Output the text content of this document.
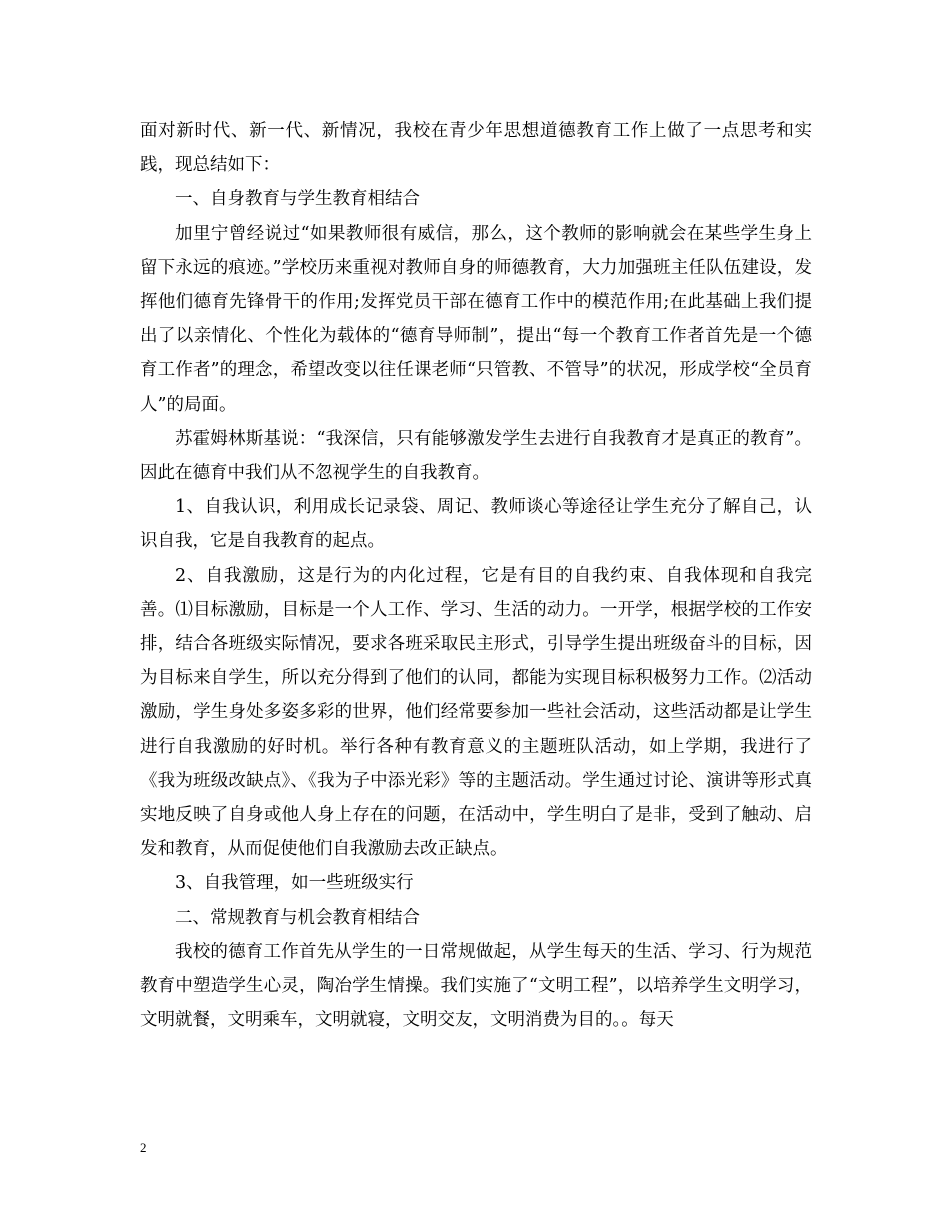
面对新时代、新一代、新情况，我校在青少年思想道德教育工作上做了一点思考和实践，现总结如下：

一、自身教育与学生教育相结合

加里宁曾经说过“如果教师很有威信，那么，这个教师的影响就会在某些学生身上留下永远的痕迹。”学校历来重视对教师自身的师德教育，大力加强班主任队伍建设，发挥他们德育先锋骨干的作用;发挥党员干部在德育工作中的模范作用;在此基础上我们提出了以亲情化、个性化为载体的“德育导师制”，提出“每一个教育工作者首先是一个德育工作者”的理念，希望改变以往任课老师“只管教、不管导”的状况，形成学校“全员育人”的局面。

苏霍姆林斯基说：“我深信，只有能够激发学生去进行自我教育才是真正的教育”。因此在德育中我们从不忽视学生的自我教育。

1、自我认识，利用成长记录袋、周记、教师谈心等途径让学生充分了解自己，认识自我，它是自我教育的起点。

2、自我激励，这是行为的内化过程，它是有目的自我约束、自我体现和自我完善。⑴目标激励，目标是一个人工作、学习、生活的动力。一开学，根据学校的工作安排，结合各班级实际情况，要求各班采取民主形式，引导学生提出班级奋斗的目标，因为目标来自学生，所以充分得到了他们的认同，都能为实现目标积极努力工作。⑵活动激励，学生身处多姿多彩的世界，他们经常要参加一些社会活动，这些活动都是让学生进行自我激励的好时机。举行各种有教育意义的主题班队活动，如上学期，我进行了《我为班级改缺点》、《我为子中添光彩》等的主题活动。学生通过讨论、演讲等形式真实地反映了自身或他人身上存在的问题，在活动中，学生明白了是非，受到了触动、启发和教育，从而促使他们自我激励去改正缺点。

3、自我管理，如一些班级实行

二、常规教育与机会教育相结合

我校的德育工作首先从学生的一日常规做起，从学生每天的生活、学习、行为规范教育中塑造学生心灵，陶冶学生情操。我们实施了“文明工程”，以培养学生文明学习，文明就餐，文明乘车，文明就寝，文明交友，文明消费为目的。。每天

2
